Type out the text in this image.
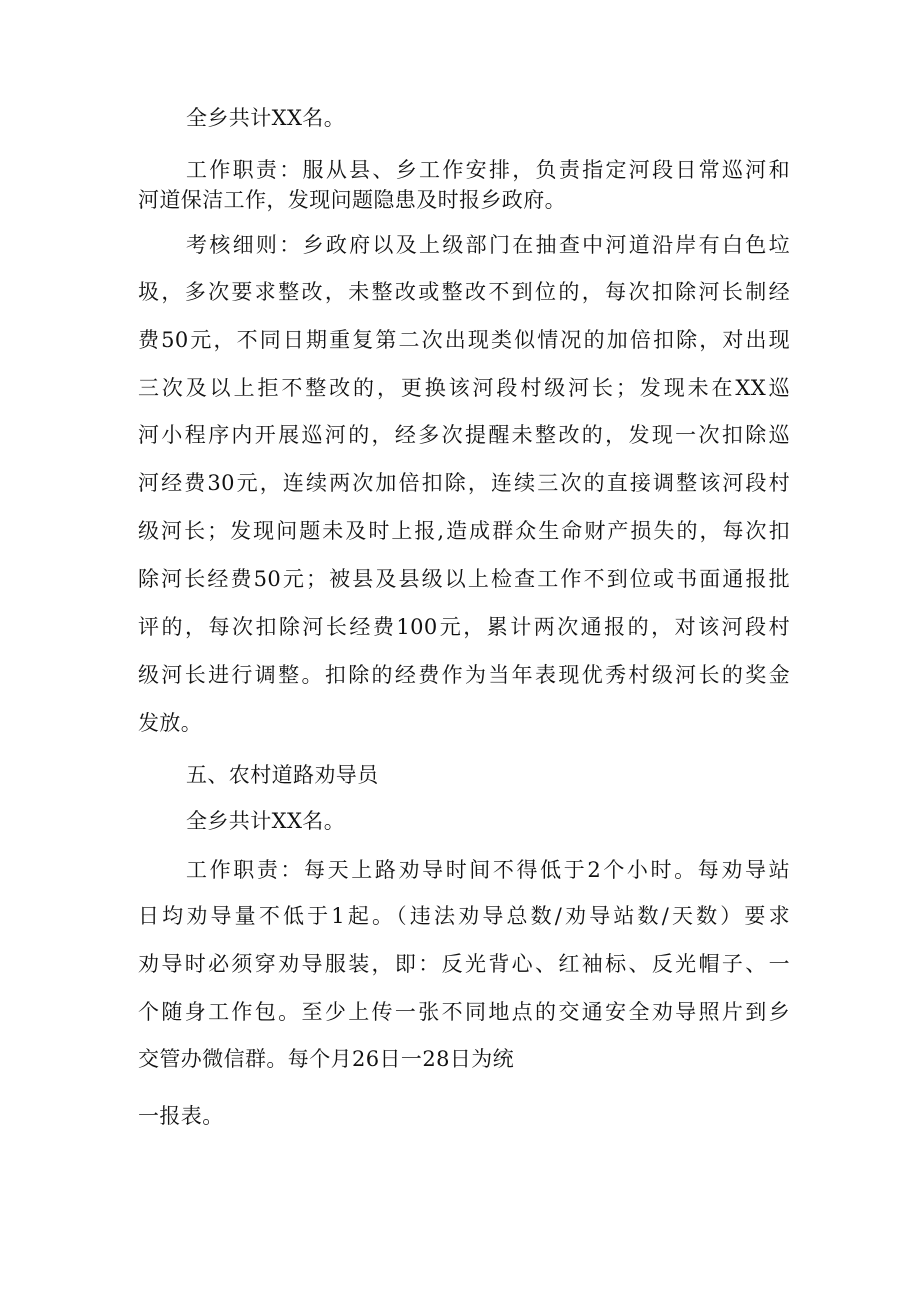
全乡共计XX名。
工作职责：服从县、乡工作安排，负责指定河段日常巡河和
河道保洁工作，发现问题隐患及时报乡政府。
考核细则：乡政府以及上级部门在抽查中河道沿岸有白色垃
圾，多次要求整改，未整改或整改不到位的，每次扣除河长制经
费50元，不同日期重复第二次出现类似情况的加倍扣除，对出现
三次及以上拒不整改的，更换该河段村级河长；发现未在XX巡
河小程序内开展巡河的，经多次提醒未整改的，发现一次扣除巡
河经费30元，连续两次加倍扣除，连续三次的直接调整该河段村
级河长；发现问题未及时上报,造成群众生命财产损失的，每次扣
除河长经费50元；被县及县级以上检查工作不到位或书面通报批
评的，每次扣除河长经费100元，累计两次通报的，对该河段村
级河长进行调整。扣除的经费作为当年表现优秀村级河长的奖金
发放。
五、农村道路劝导员
全乡共计XX名。
工作职责：每天上路劝导时间不得低于2个小时。每劝导站
日均劝导量不低于1起。（违法劝导总数/劝导站数/天数）要求
劝导时必须穿劝导服装，即：反光背心、红袖标、反光帽子、一
个随身工作包。至少上传一张不同地点的交通安全劝导照片到乡
交管办微信群。每个月26日一28日为统
一报表。
